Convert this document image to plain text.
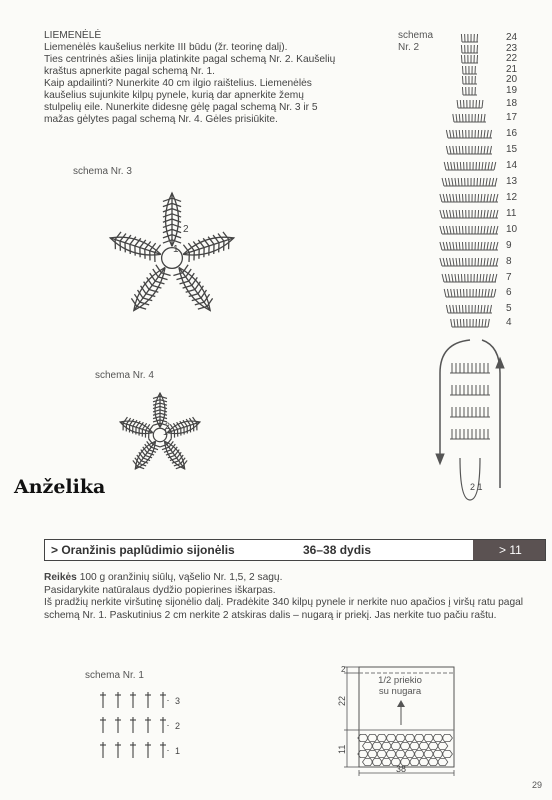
LIEMENĖLĖ

Liemenėlės kaušelius nerkite III būdu (žr. teorinę dalį).

Ties centrinės ašies linija platinkite pagal schemą Nr. 2. Kaušelių kraštus apnerkite pagal schemą Nr. 1.

Kaip apdailinti? Nunerkite 40 cm ilgio raištelius. Liemenėlės kaušelius sujunkite kilpų pynele, kurią dar apnerkite žemų stulpelių eile. Nunerkite didesnę gėlę pagal schemą Nr. 3 ir 5 mažas gėlytes pagal schemą Nr. 4. Gėles prisiūkite.

schema
Nr. 2
2 1
24
23
22
21
20
19
18
17
16
15
14
13
12
11
10
9
8
7
6
5
4
schema Nr. 3
2
1
schema Nr. 4
2
1
Anželika
> Oranžinis paplūdimio sijonėlis	36–38 dydis	> 11
Reikės 100 g oranžinių siūlų, vąšelio Nr. 1,5, 2 sagų.
Pasidarykite natūralaus dydžio popierines iškarpas.
Iš pradžių nerkite viršutinę sijonėlio dalį. Pradėkite 340 kilpų pynele ir nerkite nuo apačios į viršų ratu pagal schemą Nr. 1. Paskutinius 2 cm nerkite 2 atskiras dalis – nugarą ir priekį. Jas nerkite tuo pačiu raštu.
schema Nr. 1
3
2
1
2
22
11
38
1/2 priekio
su nugara
29
